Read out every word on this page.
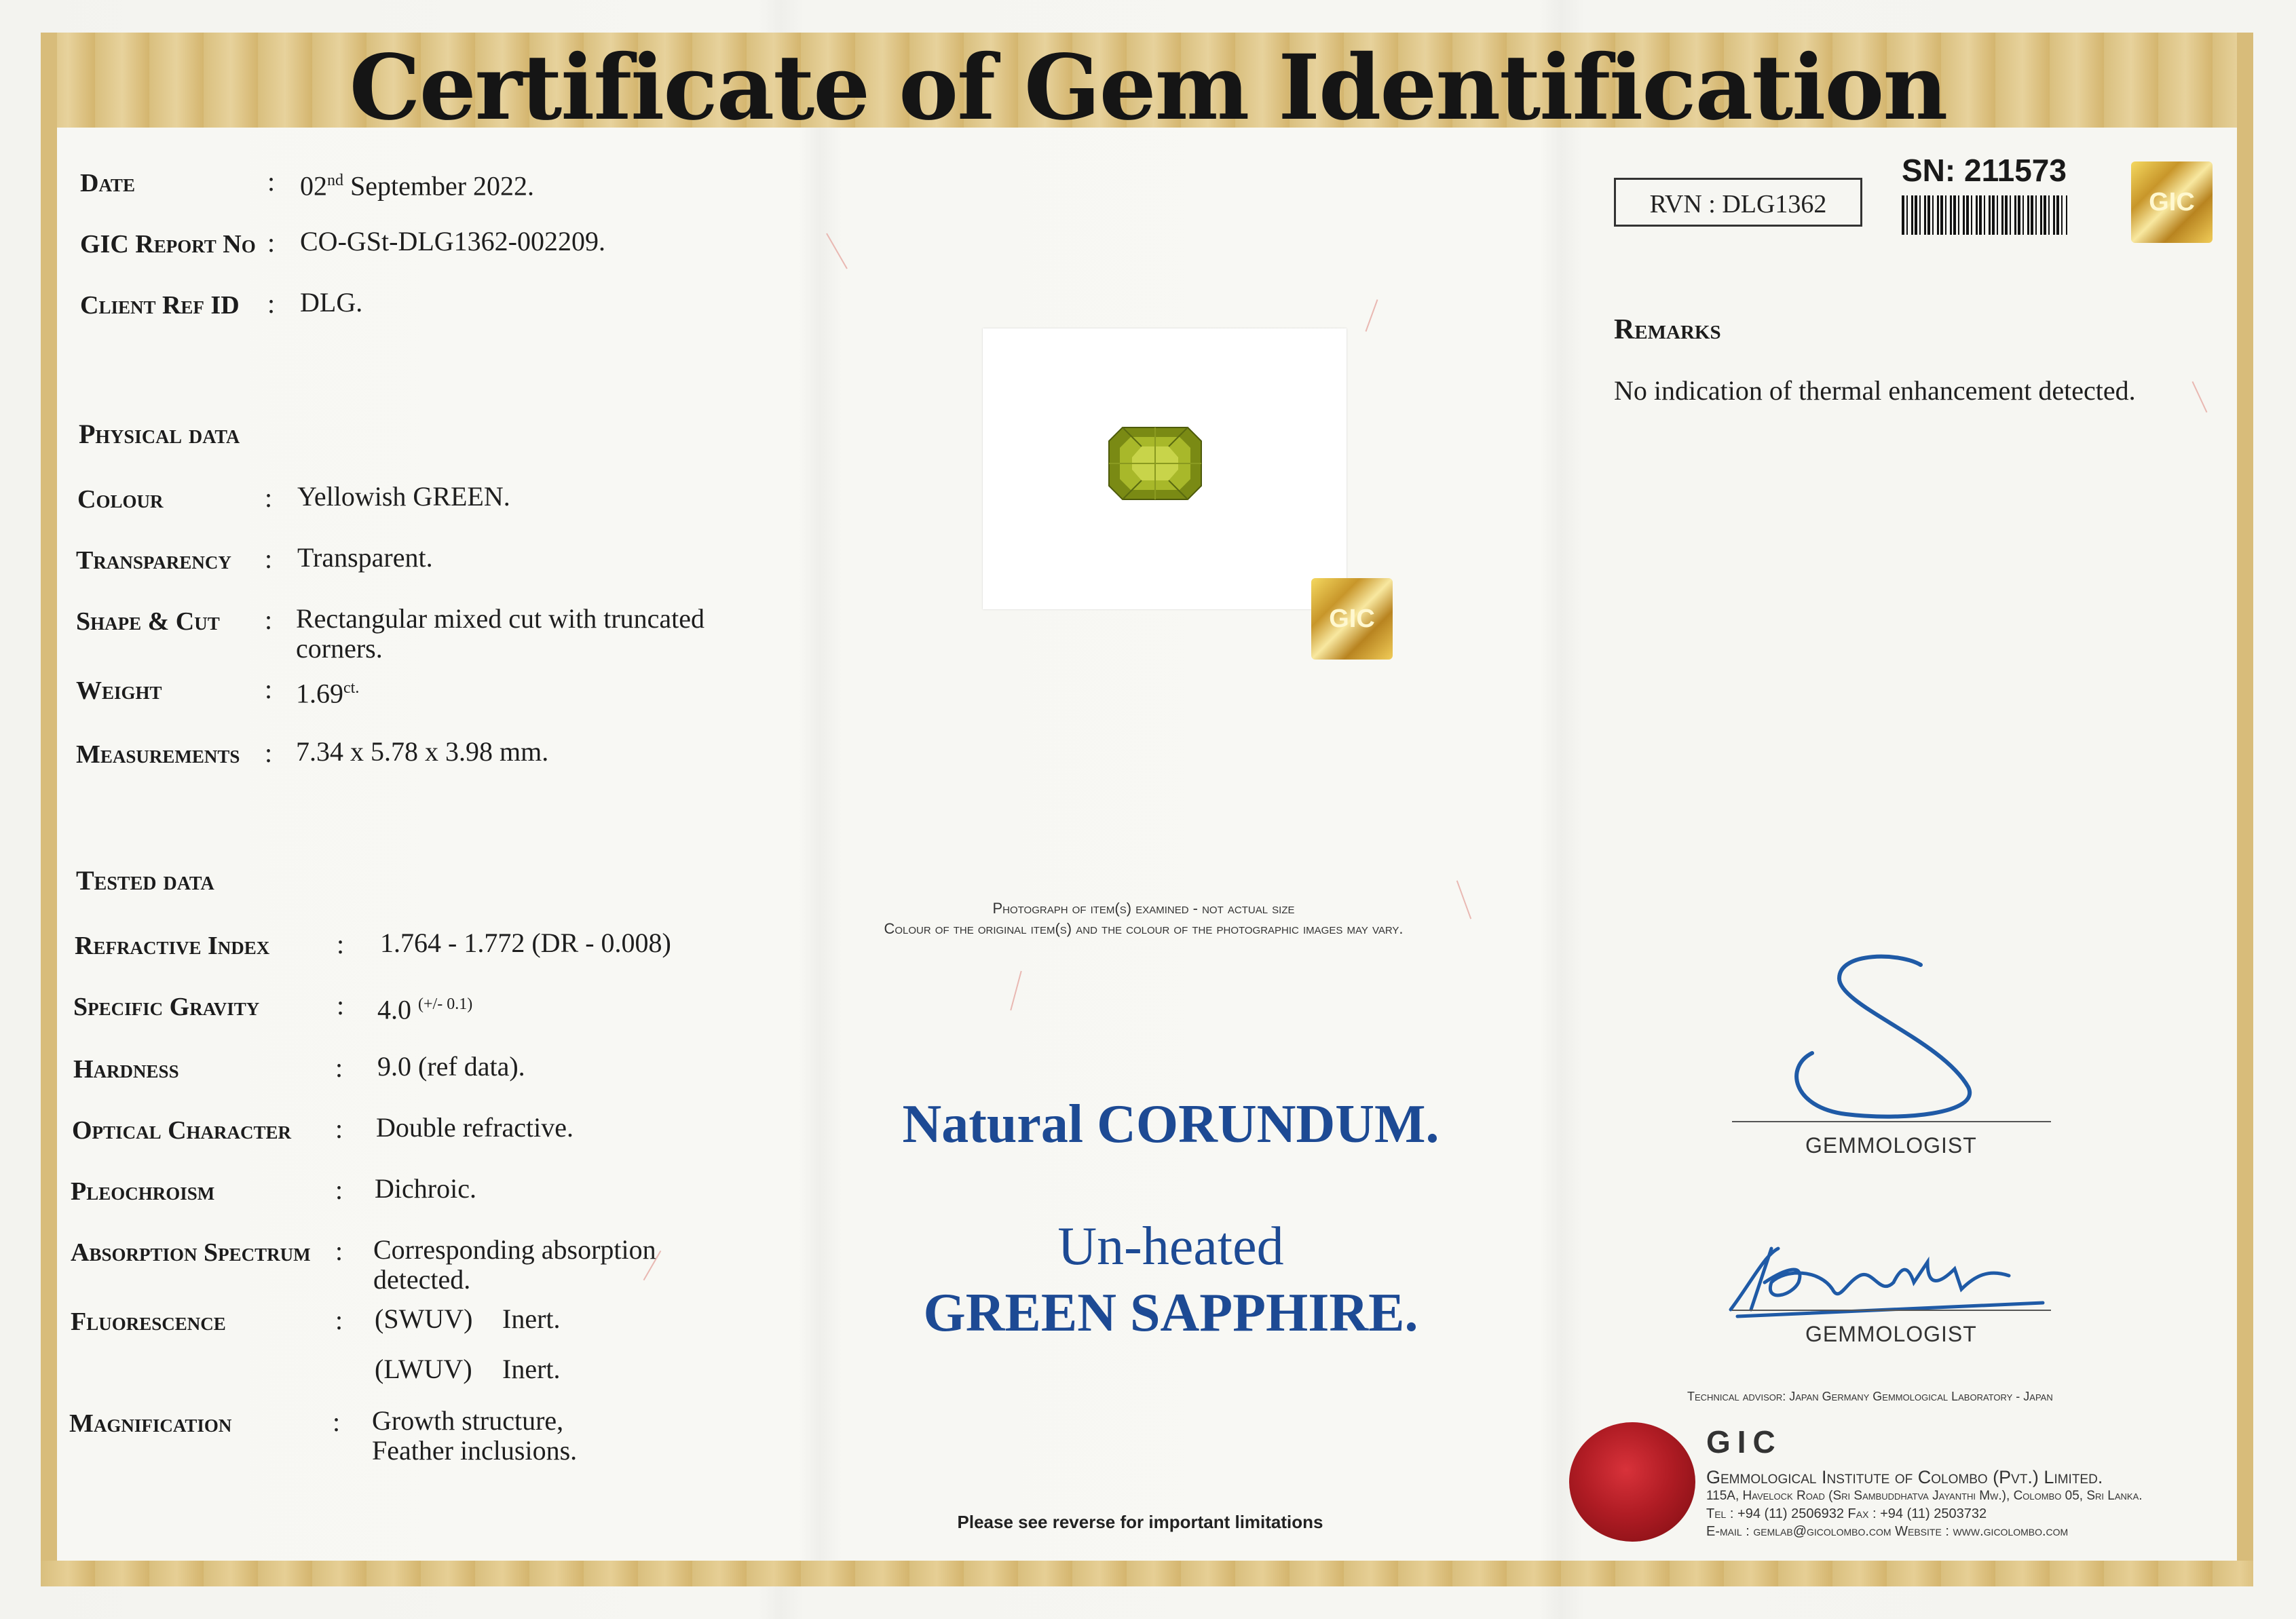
Certificate of Gem Identification
Date	: 02nd September 2022.
GIC Report No : CO-GSt-DLG1362-002209.
Client Ref ID : DLG.
Physical data
Colour	: Yellowish GREEN.
Transparency : Transparent.
Shape & Cut : Rectangular mixed cut with truncated
corners.
Weight	: $1.69^{ct.}$
Measurements : 7.34 x 5.78 x 3.98 mm.
Tested data
Refractive Index : 1.764 - 1.772 (DR - 0.008)
Specific Gravity	: 4.0 $^{(+/- 0.1)}$
Hardness	: 9.0 (ref data).
Optical Character : Double refractive.
Pleochroism	: Dichroic.
Absorption Spectrum : Corresponding absorption
detected.
Fluorescence	: (SWUV) Inert.
(LWUV) Inert.
Magnification	: Growth structure,
Feather inclusions.
GIC
Photograph of item(s) examined - not actual size
Colour of the original item(s) and the colour of the photographic images may vary.
Natural CORUNDUM.
Un-heated
GREEN SAPPHIRE.
Please see reverse for important limitations
RVN : DLG1362
SN: 211573
GIC
Remarks
No indication of thermal enhancement detected.
GEMMOLOGIST
GEMMOLOGIST
Technical advisor: Japan Germany Gemmological Laboratory - Japan
GIC
Gemmological Institute of Colombo (Pvt.) Limited.
115A, Havelock Road (Sri Sambuddhatva Jayanthi Mw.), Colombo 05, Sri Lanka.
Tel : +94 (11) 2506932 Fax : +94 (11) 2503732
E-mail : gemlab@gicolombo.com Website : www.gicolombo.com
